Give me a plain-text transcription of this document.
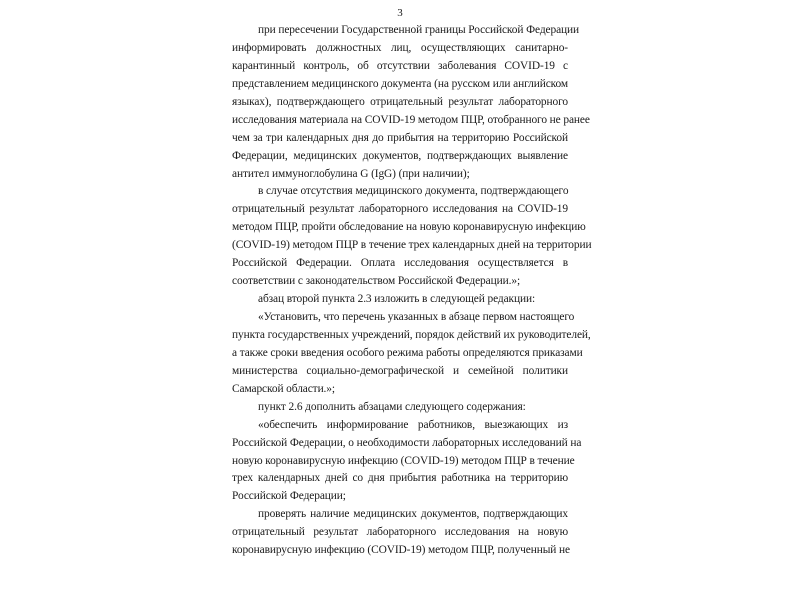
3
при пересечении Государственной границы Российской Федерации
информировать должностных лиц, осуществляющих санитарно-
карантинный контроль, об отсутствии заболевания COVID-19 с
представлением медицинского документа (на русском или английском
языках), подтверждающего отрицательный результат лабораторного
исследования материала на COVID-19 методом ПЦР, отобранного не ранее
чем за три календарных дня до прибытия на территорию Российской
Федерации, медицинских документов, подтверждающих выявление
антител иммуноглобулина G (IgG) (при наличии);
в случае отсутствия медицинского документа, подтверждающего
отрицательный результат лабораторного исследования на COVID-19
методом ПЦР, пройти обследование на новую коронавирусную инфекцию
(COVID-19) методом ПЦР в течение трех календарных дней на территории
Российской Федерации. Оплата исследования осуществляется в
соответствии с законодательством Российской Федерации.»;
абзац второй пункта 2.3 изложить в следующей редакции:
«Установить, что перечень указанных в абзаце первом настоящего
пункта государственных учреждений, порядок действий их руководителей,
а также сроки введения особого режима работы определяются приказами
министерства социально-демографической и семейной политики
Самарской области.»;
пункт 2.6 дополнить абзацами следующего содержания:
«обеспечить информирование работников, выезжающих из
Российской Федерации, о необходимости лабораторных исследований на
новую коронавирусную инфекцию (COVID-19) методом ПЦР в течение
трех календарных дней со дня прибытия работника на территорию
Российской Федерации;
проверять наличие медицинских документов, подтверждающих
отрицательный результат лабораторного исследования на новую
коронавирусную инфекцию (COVID-19) методом ПЦР, полученный не
